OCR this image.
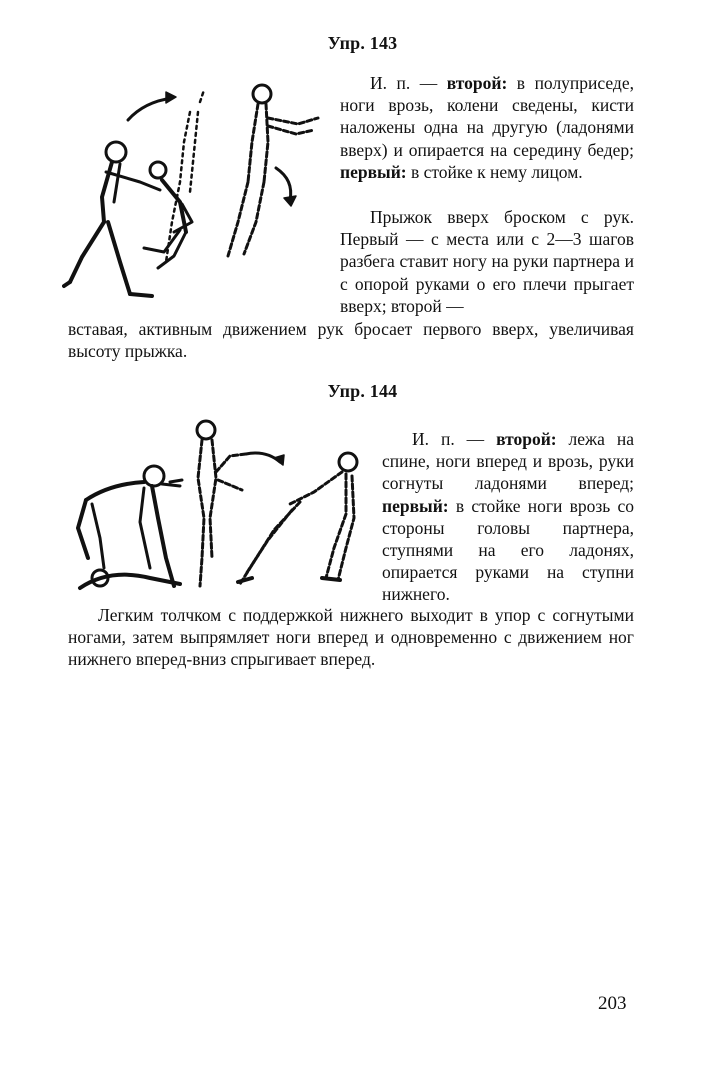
Упр. 143

И. п. — второй: в полуприседе, ноги врозь, колени сведены, кисти наложены одна на другую (ладонями вверх) и опирается на середину бедер; первый: в стойке к нему лицом.

Прыжок вверх броском с рук. Первый — с места или с 2—3 шагов разбега ставит ногу на руки партнера и с опорой руками о его плечи прыгает вверх; второй —

вставая, активным движением рук бросает первого вверх, увеличивая высоту прыжка.

Упр. 144

И. п. — второй: лежа на спине, ноги вперед и врозь, руки согнуты ладонями вперед; первый: в стойке ноги врозь со стороны головы партнера, ступнями на его ладонях, опирается руками на ступни нижнего.

Легким толчком с поддержкой нижнего выходит в упор с согнутыми ногами, затем выпрямляет ноги вперед и одновременно с движением ног нижнего вперед-вниз спрыгивает вперед.

203
